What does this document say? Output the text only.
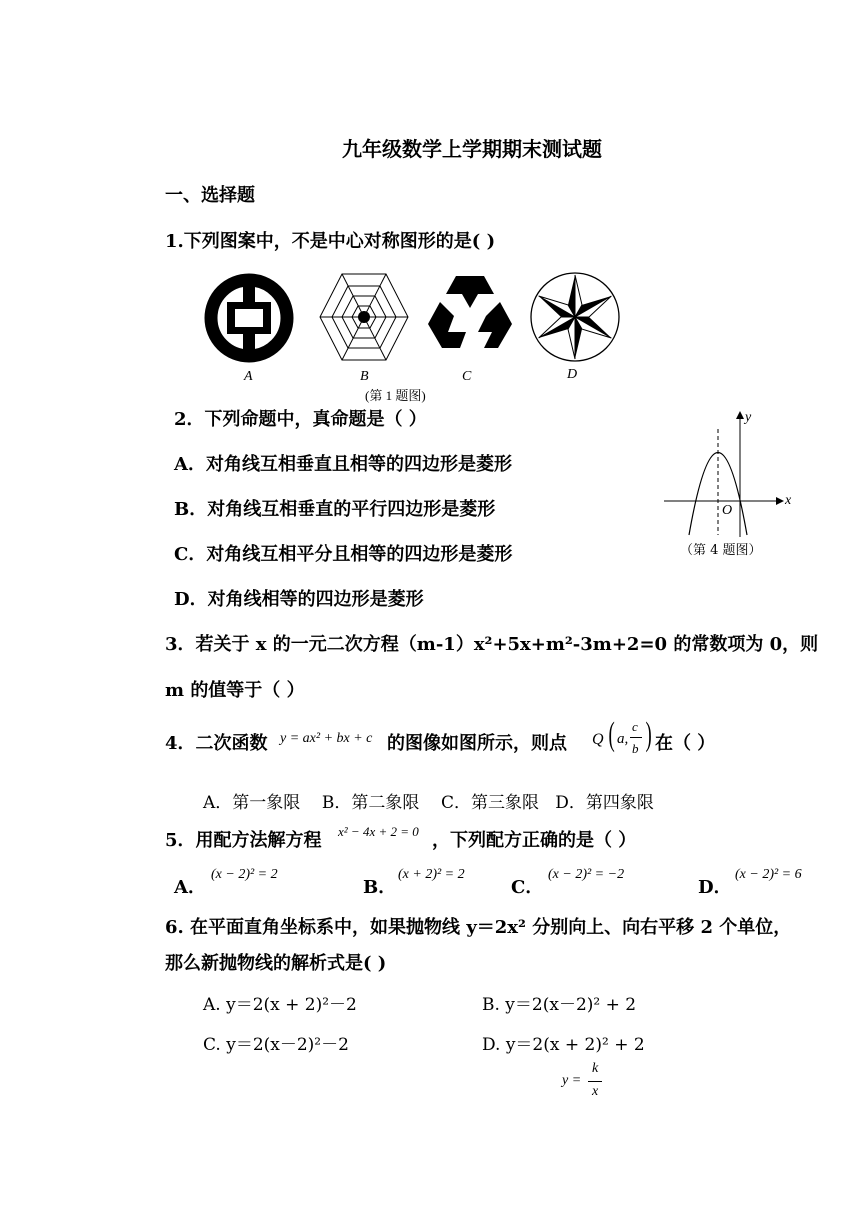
九年级数学上学期期末测试题
一、选择题
1.下列图案中，不是中心对称图形的是( )
A	B	C	D
(第 1 题图)
2．下列命题中，真命题是（ ）
A．对角线互相垂直且相等的四边形是菱形
B．对角线互相垂直的平行四边形是菱形
C．对角线互相平分且相等的四边形是菱形
D．对角线相等的四边形是菱形
y
x
O
（第 4 题图）
3．若关于 x 的一元二次方程（m-1）x²+5x+m²-3m+2=0 的常数项为 0，则
m 的值等于（ ）
4．二次函数 y = ax² + bx + c 的图像如图所示，则点 Q ( a,
c
b ) 在（ ）
A．第一象限    B．第二象限    C．第三象限   D．第四象限
5．用配方法解方程 x² − 4x + 2 = 0 ，下列配方正确的是（ ）
A．
(x − 2)² = 2
B．
(x + 2)² = 2
C．
(x − 2)² = −2
D．
(x − 2)² = 6
6. 在平面直角坐标系中，如果抛物线 y＝2x² 分别向上、向右平移 2 个单位，
那么新抛物线的解析式是( )
A. y＝2(x + 2)²－2	B. y＝2(x－2)² + 2
C. y＝2(x－2)²－2	D. y＝2(x + 2)² + 2
y =
k
x
